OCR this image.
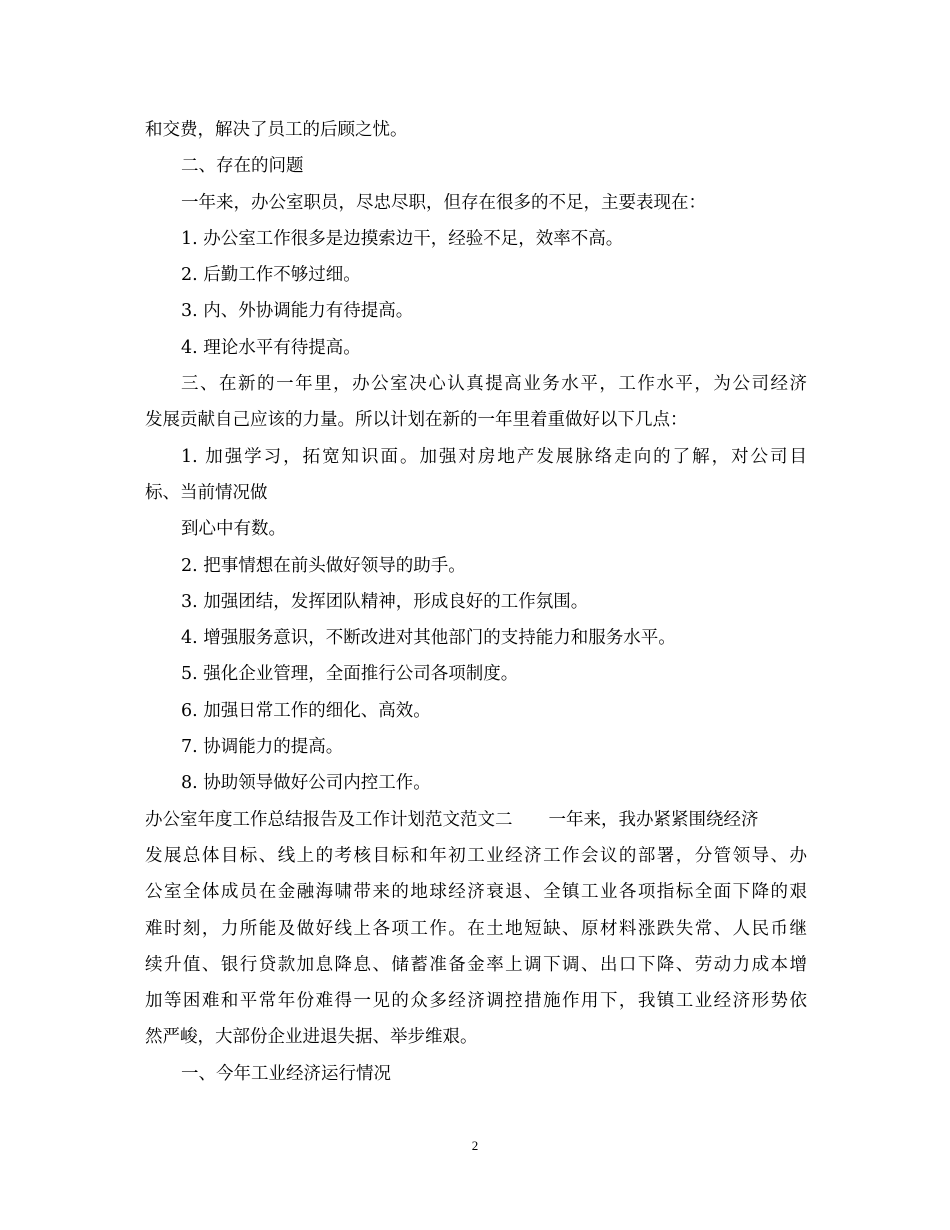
和交费，解决了员工的后顾之忧。

二、存在的问题

一年来，办公室职员，尽忠尽职，但存在很多的不足，主要表现在：

1. 办公室工作很多是边摸索边干，经验不足，效率不高。

2. 后勤工作不够过细。

3. 内、外协调能力有待提高。

4. 理论水平有待提高。

三、在新的一年里，办公室决心认真提高业务水平，工作水平，为公司经济

发展贡献自己应该的力量。所以计划在新的一年里着重做好以下几点：

1. 加强学习，拓宽知识面。加强对房地产发展脉络走向的了解，对公司目

标、当前情况做

到心中有数。

2. 把事情想在前头做好领导的助手。

3. 加强团结，发挥团队精神，形成良好的工作氛围。

4. 增强服务意识，不断改进对其他部门的支持能力和服务水平。

5. 强化企业管理，全面推行公司各项制度。

6. 加强日常工作的细化、高效。

7. 协调能力的提高。

8. 协助领导做好公司内控工作。

办公室年度工作总结报告及工作计划范文范文二 一年来，我办紧紧围绕经济

发展总体目标、线上的考核目标和年初工业经济工作会议的部署，分管领导、办

公室全体成员在金融海啸带来的地球经济衰退、全镇工业各项指标全面下降的艰

难时刻，力所能及做好线上各项工作。在土地短缺、原材料涨跌失常、人民币继

续升值、银行贷款加息降息、储蓄准备金率上调下调、出口下降、劳动力成本增

加等困难和平常年份难得一见的众多经济调控措施作用下，我镇工业经济形势依

然严峻，大部份企业进退失据、举步维艰。

一、今年工业经济运行情况

2
